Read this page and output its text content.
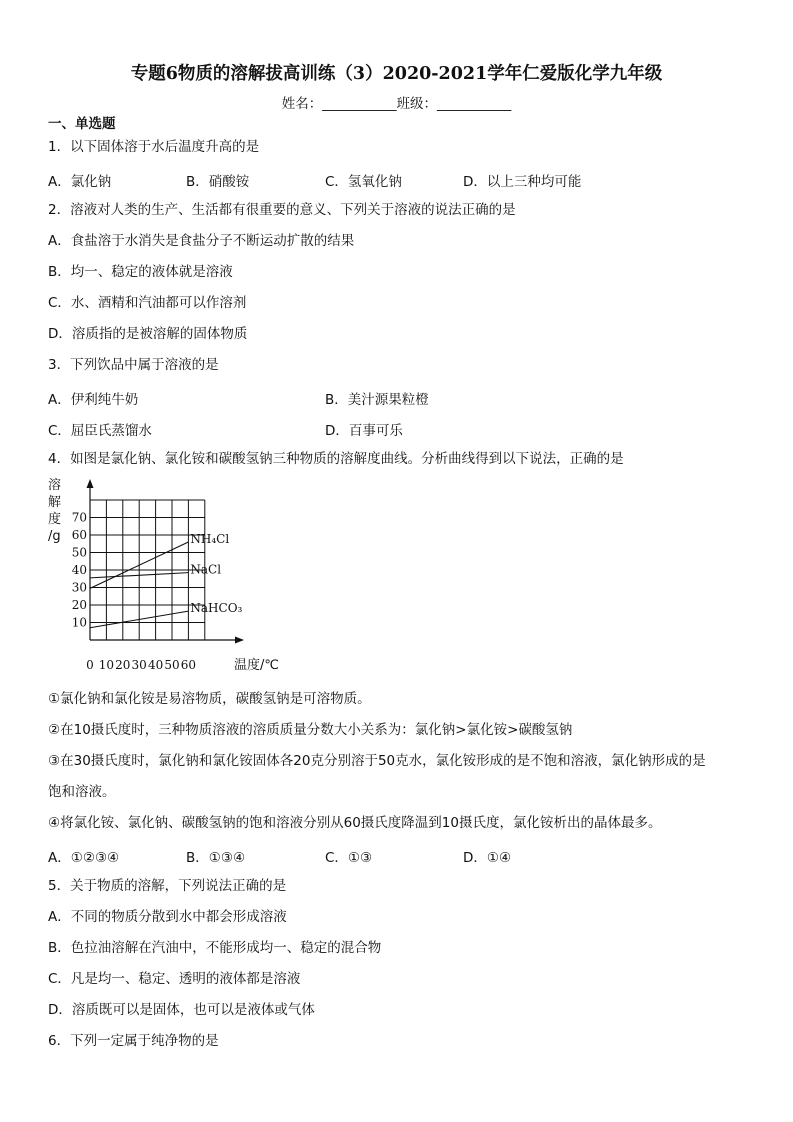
专题6物质的溶解拔高训练（3）2020-2021学年仁爱版化学九年级
姓名：___________班级：___________
一、单选题
1．以下固体溶于水后温度升高的是
A．氯化钠	B．硝酸铵	C．氢氧化钠	D．以上三种均可能
2．溶液对人类的生产、生活都有很重要的意义、下列关于溶液的说法正确的是
A．食盐溶于水消失是食盐分子不断运动扩散的结果
B．均一、稳定的液体就是溶液
C．水、酒精和汽油都可以作溶剂
D．溶质指的是被溶解的固体物质
3．下列饮品中属于溶液的是
A．伊利纯牛奶	B．美汁源果粒橙
C．屈臣氏蒸馏水	D．百事可乐
4．如图是氯化钠、氯化铵和碳酸氢钠三种物质的溶解度曲线。分析曲线得到以下说法，正确的是
溶
解
度
/g
0 10 20 30 40 50 60
10
20
30
40
50
60
70
温度/℃
NH₄Cl
NaCl
NaHCO₃
①氯化钠和氯化铵是易溶物质，碳酸氢钠是可溶物质。
②在10摄氏度时，三种物质溶液的溶质质量分数大小关系为：氯化钠>氯化铵>碳酸氢钠
③在30摄氏度时，氯化钠和氯化铵固体各20克分别溶于50克水，氯化铵形成的是不饱和溶液，氯化钠形成的是
饱和溶液。
④将氯化铵、氯化钠、碳酸氢钠的饱和溶液分别从60摄氏度降温到10摄氏度，氯化铵析出的晶体最多。
A．①②③④	B．①③④	C．①③	D．①④
5．关于物质的溶解，下列说法正确的是
A．不同的物质分散到水中都会形成溶液
B．色拉油溶解在汽油中，不能形成均一、稳定的混合物
C．凡是均一、稳定、透明的液体都是溶液
D．溶质既可以是固体，也可以是液体或气体
6．下列一定属于纯净物的是
